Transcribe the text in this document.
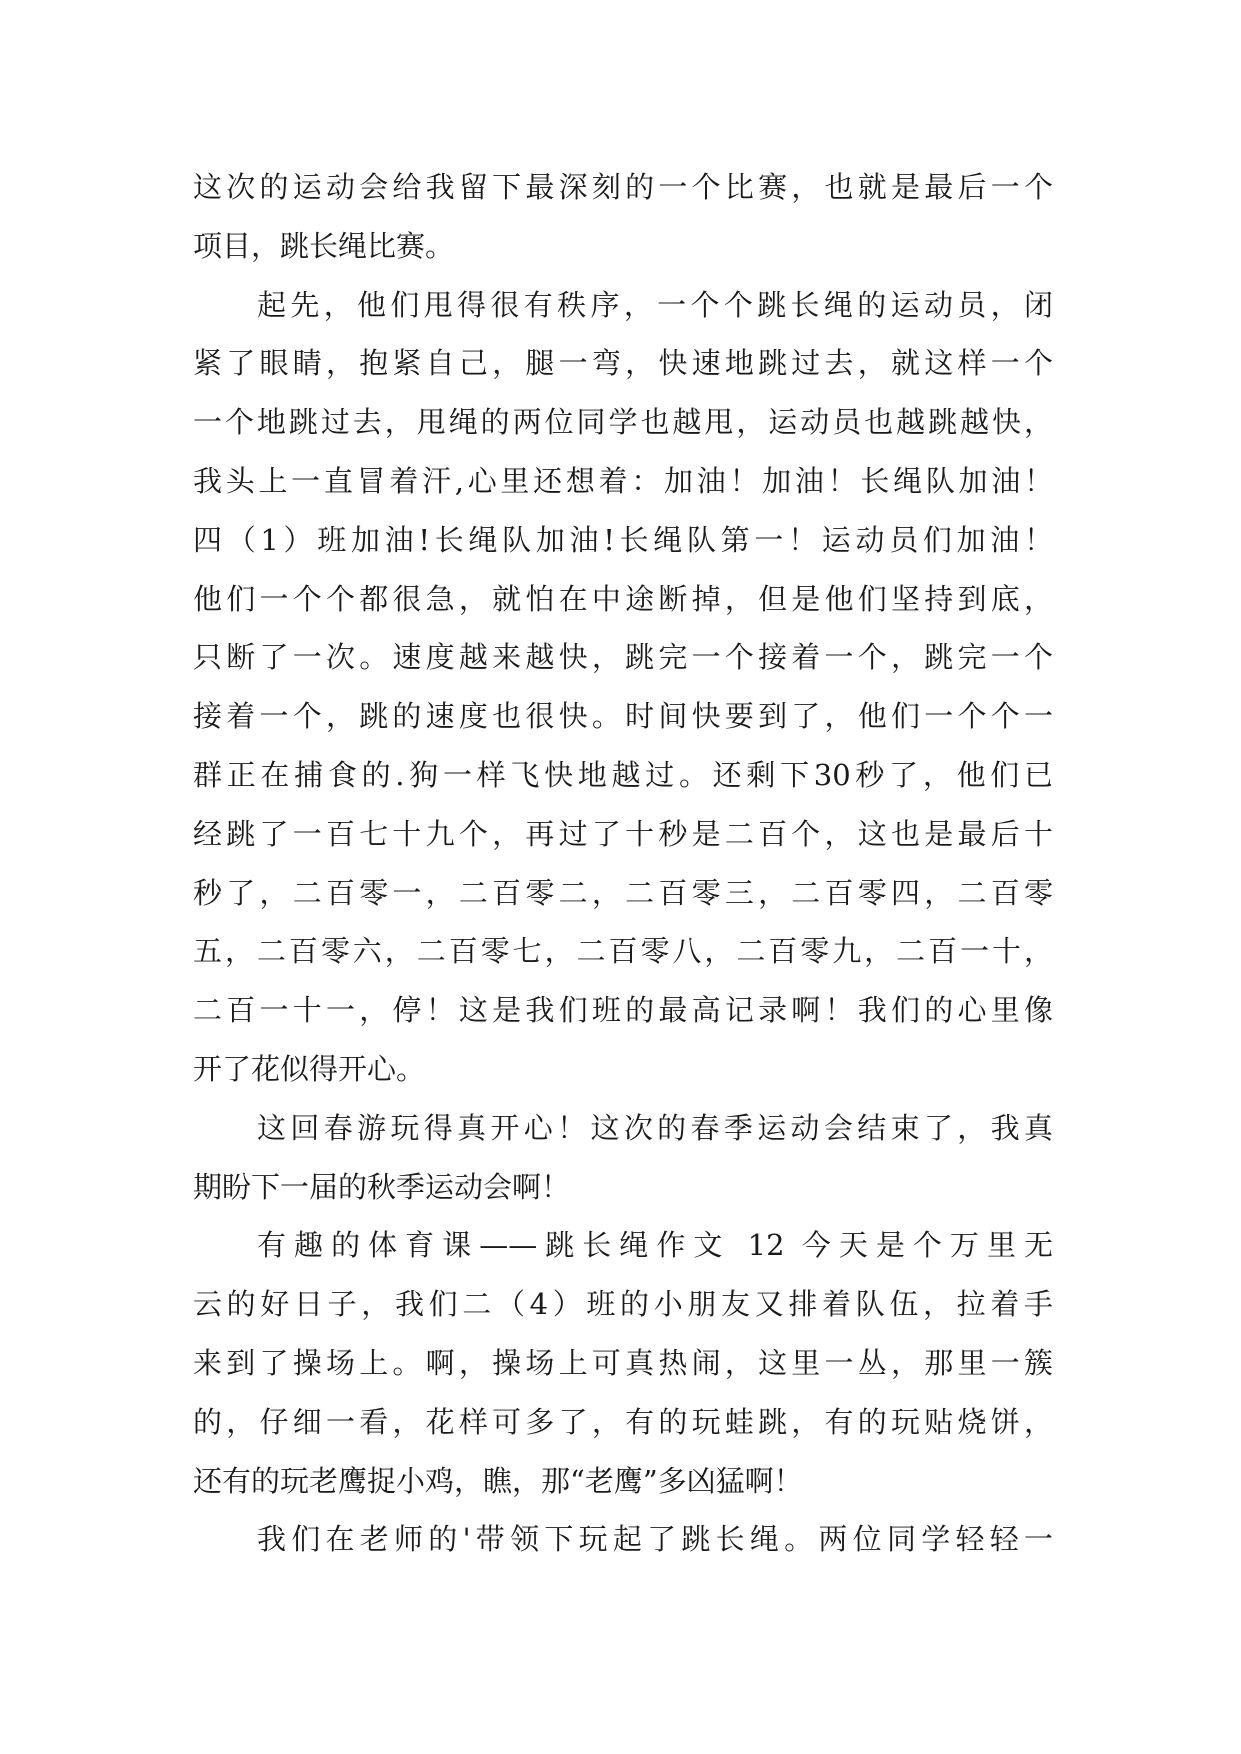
这次的运动会给我留下最深刻的一个比赛，也就是最后一个
项目，跳长绳比赛。
起先，他们甩得很有秩序，一个个跳长绳的运动员，闭
紧了眼睛，抱紧自己，腿一弯，快速地跳过去，就这样一个
一个地跳过去，甩绳的两位同学也越甩，运动员也越跳越快，
我头上一直冒着汗,心里还想着：加油！加油！长绳队加油！
四（1）班加油!长绳队加油!长绳队第一！运动员们加油！
他们一个个都很急，就怕在中途断掉，但是他们坚持到底，
只断了一次。速度越来越快，跳完一个接着一个，跳完一个
接着一个，跳的速度也很快。时间快要到了，他们一个个一
群正在捕食的.狗一样飞快地越过。还剩下30秒了，他们已
经跳了一百七十九个，再过了十秒是二百个，这也是最后十
秒了，二百零一，二百零二，二百零三，二百零四，二百零
五，二百零六，二百零七，二百零八，二百零九，二百一十，
二百一十一，停！这是我们班的最高记录啊！我们的心里像
开了花似得开心。
这回春游玩得真开心！这次的春季运动会结束了，我真
期盼下一届的秋季运动会啊！
有趣的体育课——跳长绳作文 12 今天是个万里无
云的好日子，我们二（4）班的小朋友又排着队伍，拉着手
来到了操场上。啊，操场上可真热闹，这里一丛，那里一簇
的，仔细一看，花样可多了，有的玩蛙跳，有的玩贴烧饼，
还有的玩老鹰捉小鸡，瞧，那“老鹰”多凶猛啊！
我们在老师的'带领下玩起了跳长绳。两位同学轻轻一
